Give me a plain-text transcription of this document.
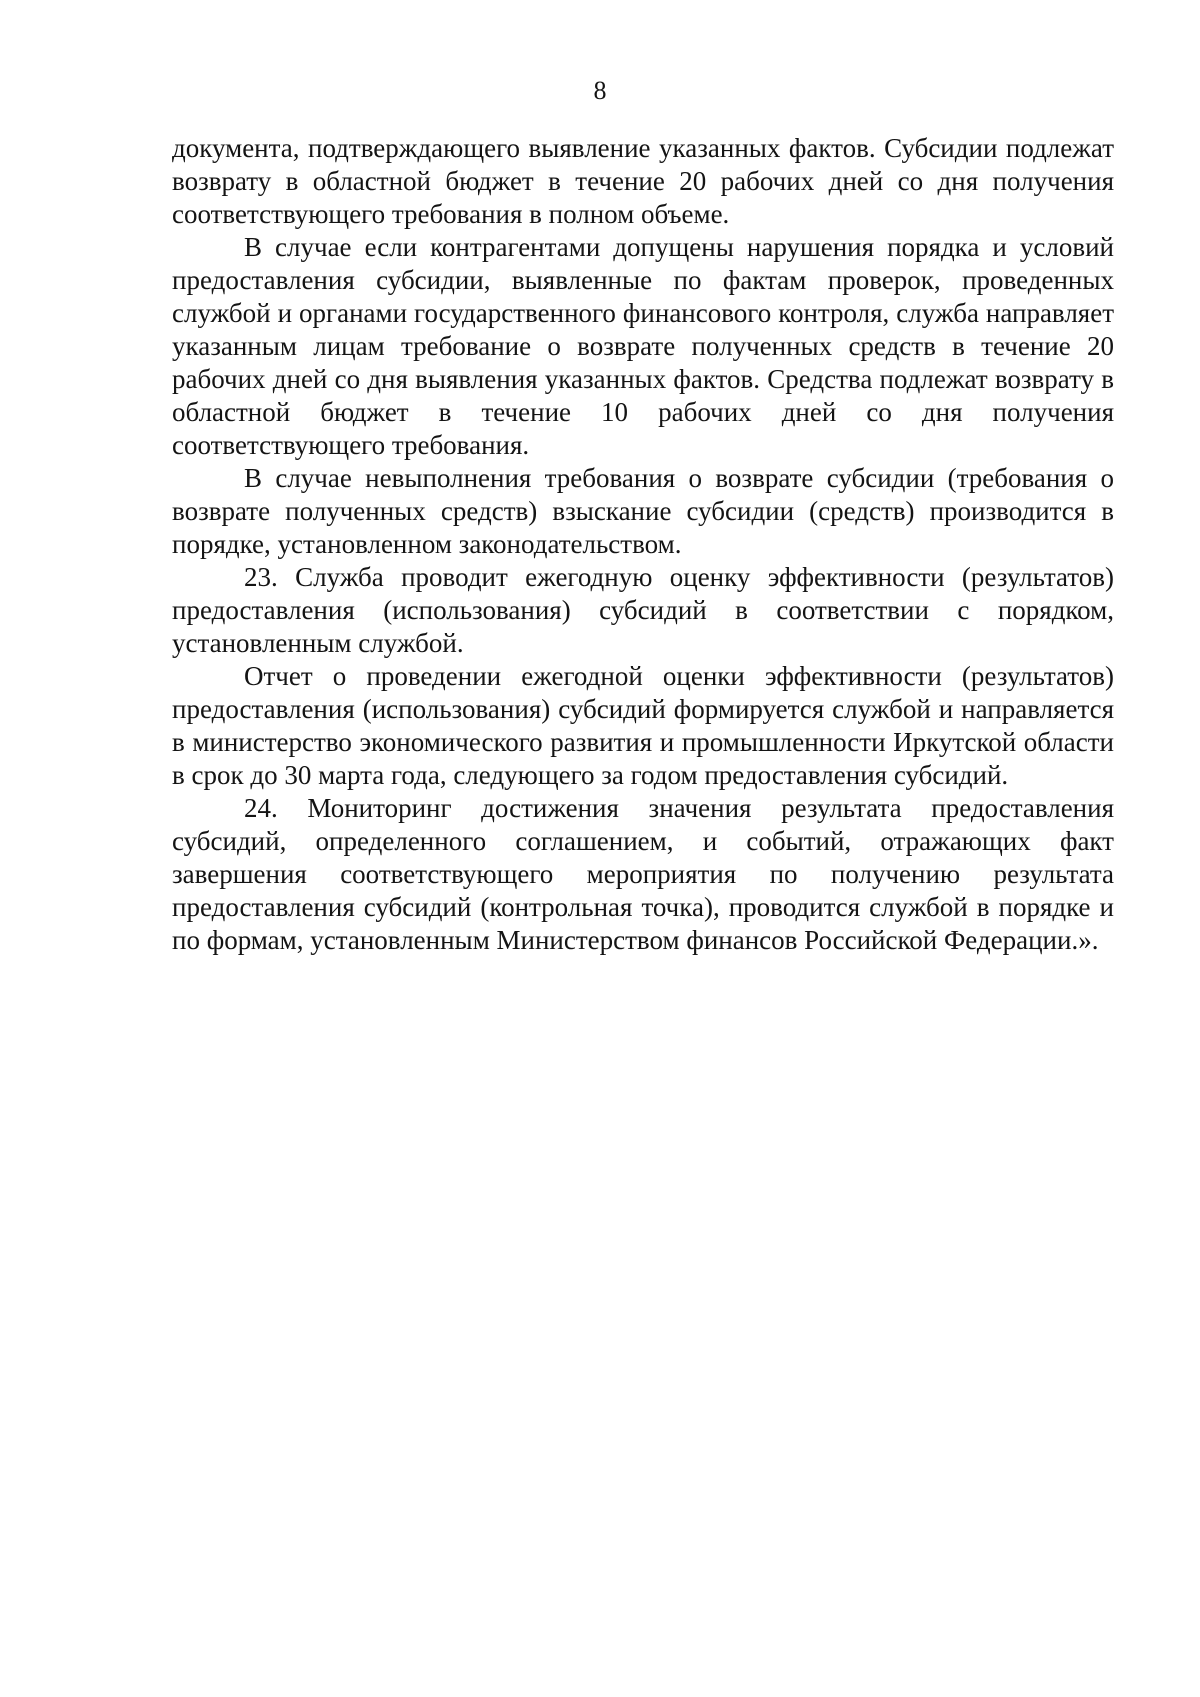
8

документа, подтверждающего выявление указанных фактов. Субсидии подлежат возврату в областной бюджет в течение 20 рабочих дней со дня получения соответствующего требования в полном объеме.

В случае если контрагентами допущены нарушения порядка и условий предоставления субсидии, выявленные по фактам проверок, проведенных службой и органами государственного финансового контроля, служба направляет указанным лицам требование о возврате полученных средств в течение 20 рабочих дней со дня выявления указанных фактов. Средства подлежат возврату в областной бюджет в течение 10 рабочих дней со дня получения соответствующего требования.

В случае невыполнения требования о возврате субсидии (требования о возврате полученных средств) взыскание субсидии (средств) производится в порядке, установленном законодательством.

23. Служба проводит ежегодную оценку эффективности (результатов) предоставления (использования) субсидий в соответствии с порядком, установленным службой.

Отчет о проведении ежегодной оценки эффективности (результатов) предоставления (использования) субсидий формируется службой и направляется в министерство экономического развития и промышленности Иркутской области в срок до 30 марта года, следующего за годом предоставления субсидий.

24. Мониторинг достижения значения результата предоставления субсидий, определенного соглашением, и событий, отражающих факт завершения соответствующего мероприятия по получению результата предоставления субсидий (контрольная точка), проводится службой в порядке и по формам, установленным Министерством финансов Российской Федерации.».
